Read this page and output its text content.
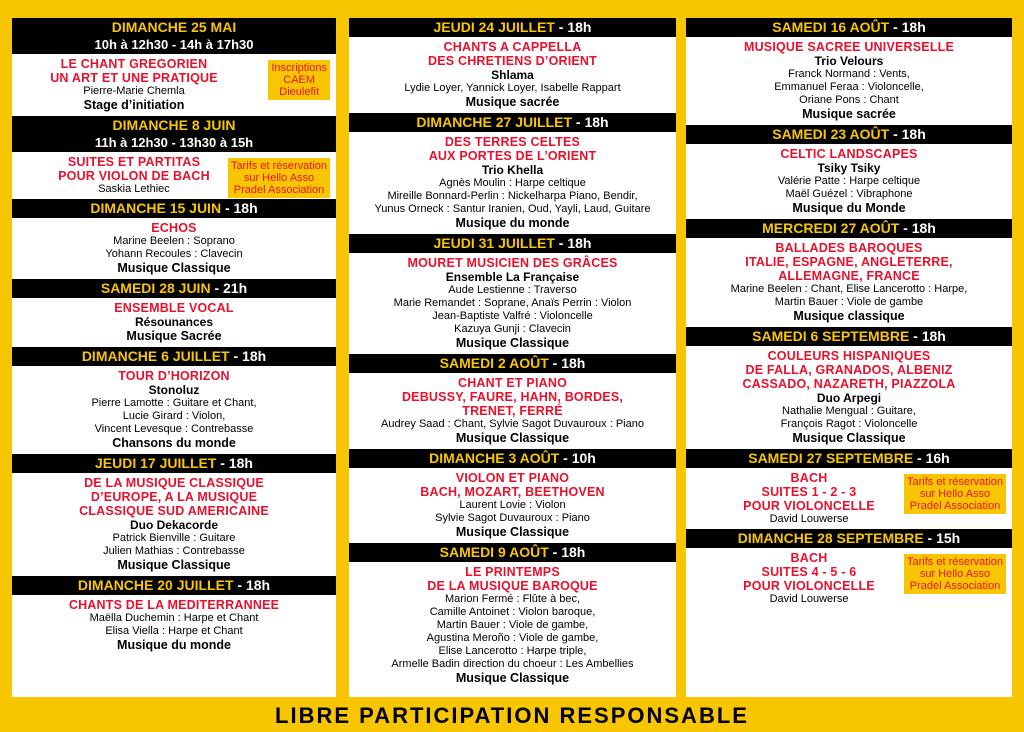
DIMANCHE 25 MAI
10h à 12h30 - 14h à 17h30
LE CHANT GREGORIEN
UN ART ET UNE PRATIQUE
Pierre-Marie Chemla
Stage d’initiation
Inscriptions
CAEM
Dieulefit
DIMANCHE 8 JUIN
11h à 12h30 - 13h30 à 15h
SUITES ET PARTITAS
POUR VIOLON DE BACH
Saskia Lethiec
Tarifs et réservation
sur Hello Asso
Pradel Association
DIMANCHE 15 JUIN - 18h
ECHOS
Marine Beelen : Soprano
Yohann Recoules : Clavecin
Musique Classique
SAMEDI 28 JUIN - 21h
ENSEMBLE VOCAL
Résounances
Musique Sacrée
DIMANCHE 6 JUILLET - 18h
TOUR D’HORIZON
Stonoluz
Pierre Lamotte : Guitare et Chant,
Lucie Girard : Violon,
Vincent Levesque : Contrebasse
Chansons du monde
JEUDI 17 JUILLET - 18h
DE LA MUSIQUE CLASSIQUE
D’EUROPE, A LA MUSIQUE
CLASSIQUE SUD AMERICAINE
Duo Dekacorde
Patrick Bienville : Guitare
Julien Mathias : Contrebasse
Musique Classique
DIMANCHE 20 JUILLET - 18h
CHANTS DE LA MEDITERRANNEE
Maëlla Duchemin : Harpe et Chant
Elisa Viella : Harpe et Chant
Musique du monde
JEUDI 24 JUILLET - 18h
CHANTS A CAPPELLA
DES CHRETIENS D’ORIENT
Shlama
Lydie Loyer, Yannick Loyer, Isabelle Rappart
Musique sacrée
DIMANCHE 27 JUILLET - 18h
DES TERRES CELTES
AUX PORTES DE L’ORIENT
Trio Khella
Agnès Moulin : Harpe celtique
Mireille Bonnard-Perlin : Nickelharpa Piano, Bendir,
Yunus Orneck : Santur Iranien, Oud, Yayli, Laud, Guitare
Musique du monde
JEUDI 31 JUILLET - 18h
MOURET MUSICIEN DES GRÂCES
Ensemble La Française
Aude Lestienne : Traverso
Marie Remandet : Soprane, Anaïs Perrin : Violon
Jean-Baptiste Valfré : Violoncelle
Kazuya Gunji : Clavecin
Musique Classique
SAMEDI 2 AOÛT - 18h
CHANT ET PIANO
DEBUSSY, FAURE, HAHN, BORDES,
TRENET, FERRÉ
Audrey Saad : Chant, Sylvie Sagot Duvauroux : Piano
Musique Classique
DIMANCHE 3 AOÛT - 10h
VIOLON ET PIANO
BACH, MOZART, BEETHOVEN
Laurent Lovie : Violon
Sylvie Sagot Duvauroux : Piano
Musique Classique
SAMEDI 9 AOÛT - 18h
LE PRINTEMPS
DE LA MUSIQUE BAROQUE
Marion Fermé : Flûte à bec,
Camille Antoinet : Violon baroque,
Martin Bauer : Viole de gambe,
Agustina Meroño : Viole de gambe,
Elise Lancerotto : Harpe triple,
Armelle Badin direction du choeur : Les Ambellies
Musique Classique
SAMEDI 16 AOÛT - 18h
MUSIQUE SACREE UNIVERSELLE
Trio Velours
Franck Normand : Vents,
Emmanuel Feraa : Violoncelle,
Oriane Pons : Chant
Musique sacrée
SAMEDI 23 AOÛT - 18h
CELTIC LANDSCAPES
Tsiky Tsiky
Valérie Patte : Harpe celtique
Maël Guézel : Vibraphone
Musique du Monde
MERCREDI 27 AOÛT - 18h
BALLADES BAROQUES
ITALIE, ESPAGNE, ANGLETERRE,
ALLEMAGNE, FRANCE
Marine Beelen : Chant, Elise Lancerotto : Harpe,
Martin Bauer : Viole de gambe
Musique classique
SAMEDI 6 SEPTEMBRE - 18h
COULEURS HISPANIQUES
DE FALLA, GRANADOS, ALBENIZ
CASSADO, NAZARETH, PIAZZOLA
Duo Arpegi
Nathalie Mengual : Guitare,
François Ragot : Violoncelle
Musique Classique
SAMEDI 27 SEPTEMBRE - 16h
BACH
SUITES 1 - 2 - 3
POUR VIOLONCELLE
David Louwerse
Tarifs et réservation
sur Hello Asso
Pradel Association
DIMANCHE 28 SEPTEMBRE - 15h
BACH
SUITES 4 - 5 - 6
POUR VIOLONCELLE
David Louwerse
Tarifs et réservation
sur Hello Asso
Pradel Association
LIBRE PARTICIPATION RESPONSABLE
